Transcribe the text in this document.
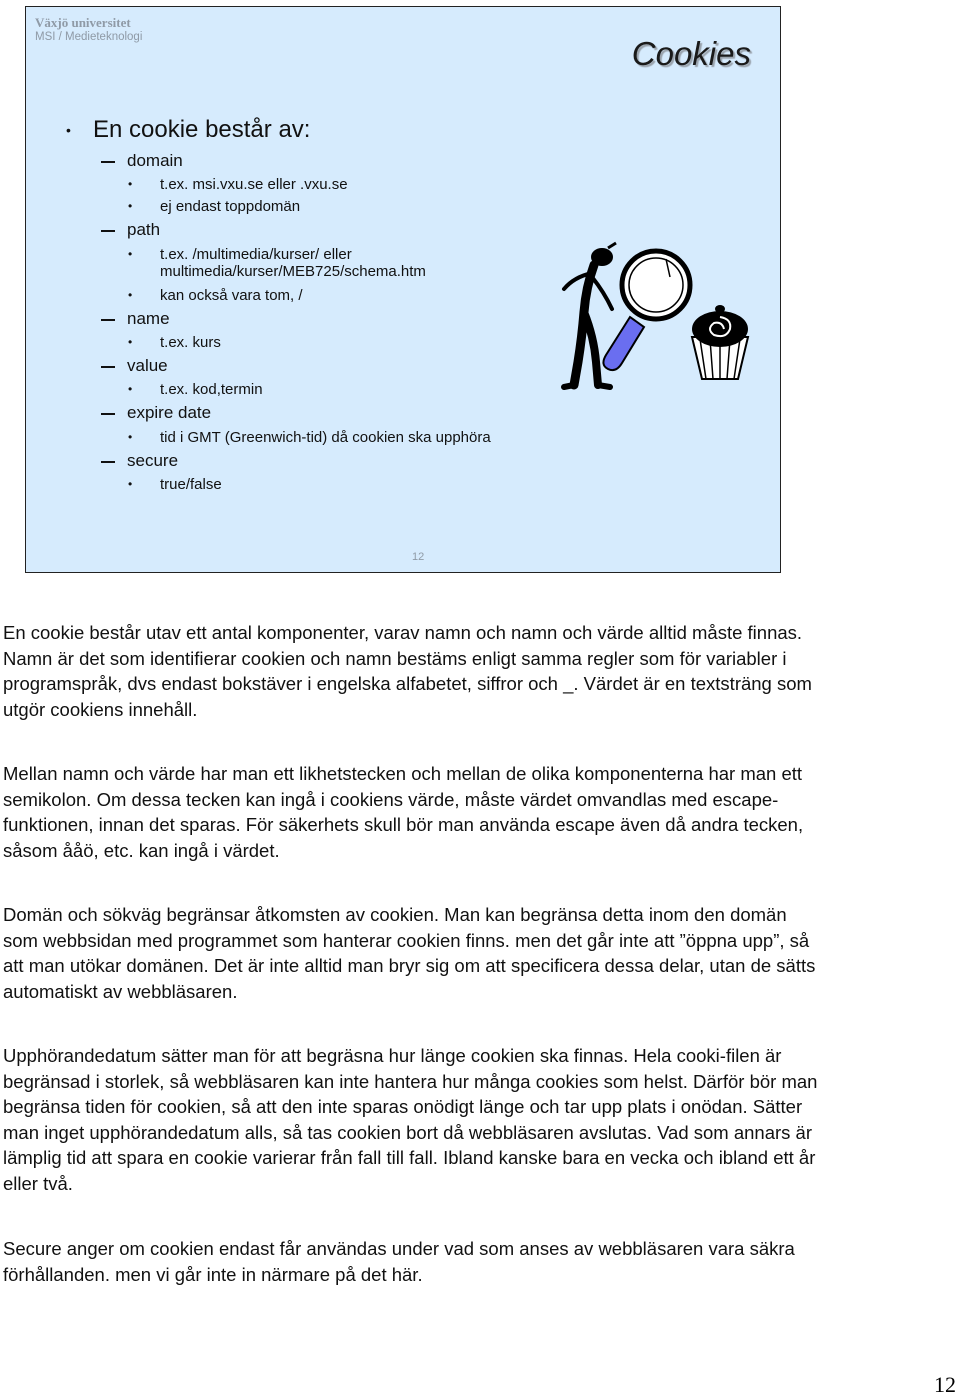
Växjö universitet
MSI / Medieteknologi	Cookies
• En cookie består av:
domain
• t.ex. msi.vxu.se eller .vxu.se
• ej endast toppdomän
path
• t.ex. /multimedia/kurser/ eller
multimedia/kurser/MEB725/schema.htm
• kan också vara tom, /
name
• t.ex. kurs
value
• t.ex. kod,termin
expire date
• tid i GMT (Greenwich-tid) då cookien ska upphöra
secure
• true/false
12
En cookie består utav ett antal komponenter, varav namn och namn och värde alltid måste finnas. Namn är det som identifierar cookien och namn bestäms enligt samma regler som för variabler i programspråk, dvs endast bokstäver i engelska alfabetet, siffror och _. Värdet är en textsträng som utgör cookiens innehåll.
Mellan namn och värde har man ett likhetstecken och mellan de olika komponenterna har man ett semikolon. Om dessa tecken kan ingå i cookiens värde, måste värdet omvandlas med escape-funktionen, innan det sparas. För säkerhets skull bör man använda escape även då andra tecken, såsom ååö, etc. kan ingå i värdet.
Domän och sökväg begränsar åtkomsten av cookien. Man kan begränsa detta inom den domän som webbsidan med programmet som hanterar cookien finns. men det går inte att ”öppna upp”, så att man utökar domänen. Det är inte alltid man bryr sig om att specificera dessa delar, utan de sätts automatiskt av webbläsaren.
Upphörandedatum sätter man för att begräsna hur länge cookien ska finnas. Hela cooki-filen är begränsad i storlek, så webbläsaren kan inte hantera hur många cookies som helst. Därför bör man begränsa tiden för cookien, så att den inte sparas onödigt länge och tar upp plats i onödan. Sätter man inget upphörandedatum alls, så tas cookien bort då webbläsaren avslutas. Vad som annars är lämplig tid att spara en cookie varierar från fall till fall. Ibland kanske bara en vecka och ibland ett år eller två.
Secure anger om cookien endast får användas under vad som anses av webbläsaren vara säkra förhållanden. men vi går inte in närmare på det här.
12
